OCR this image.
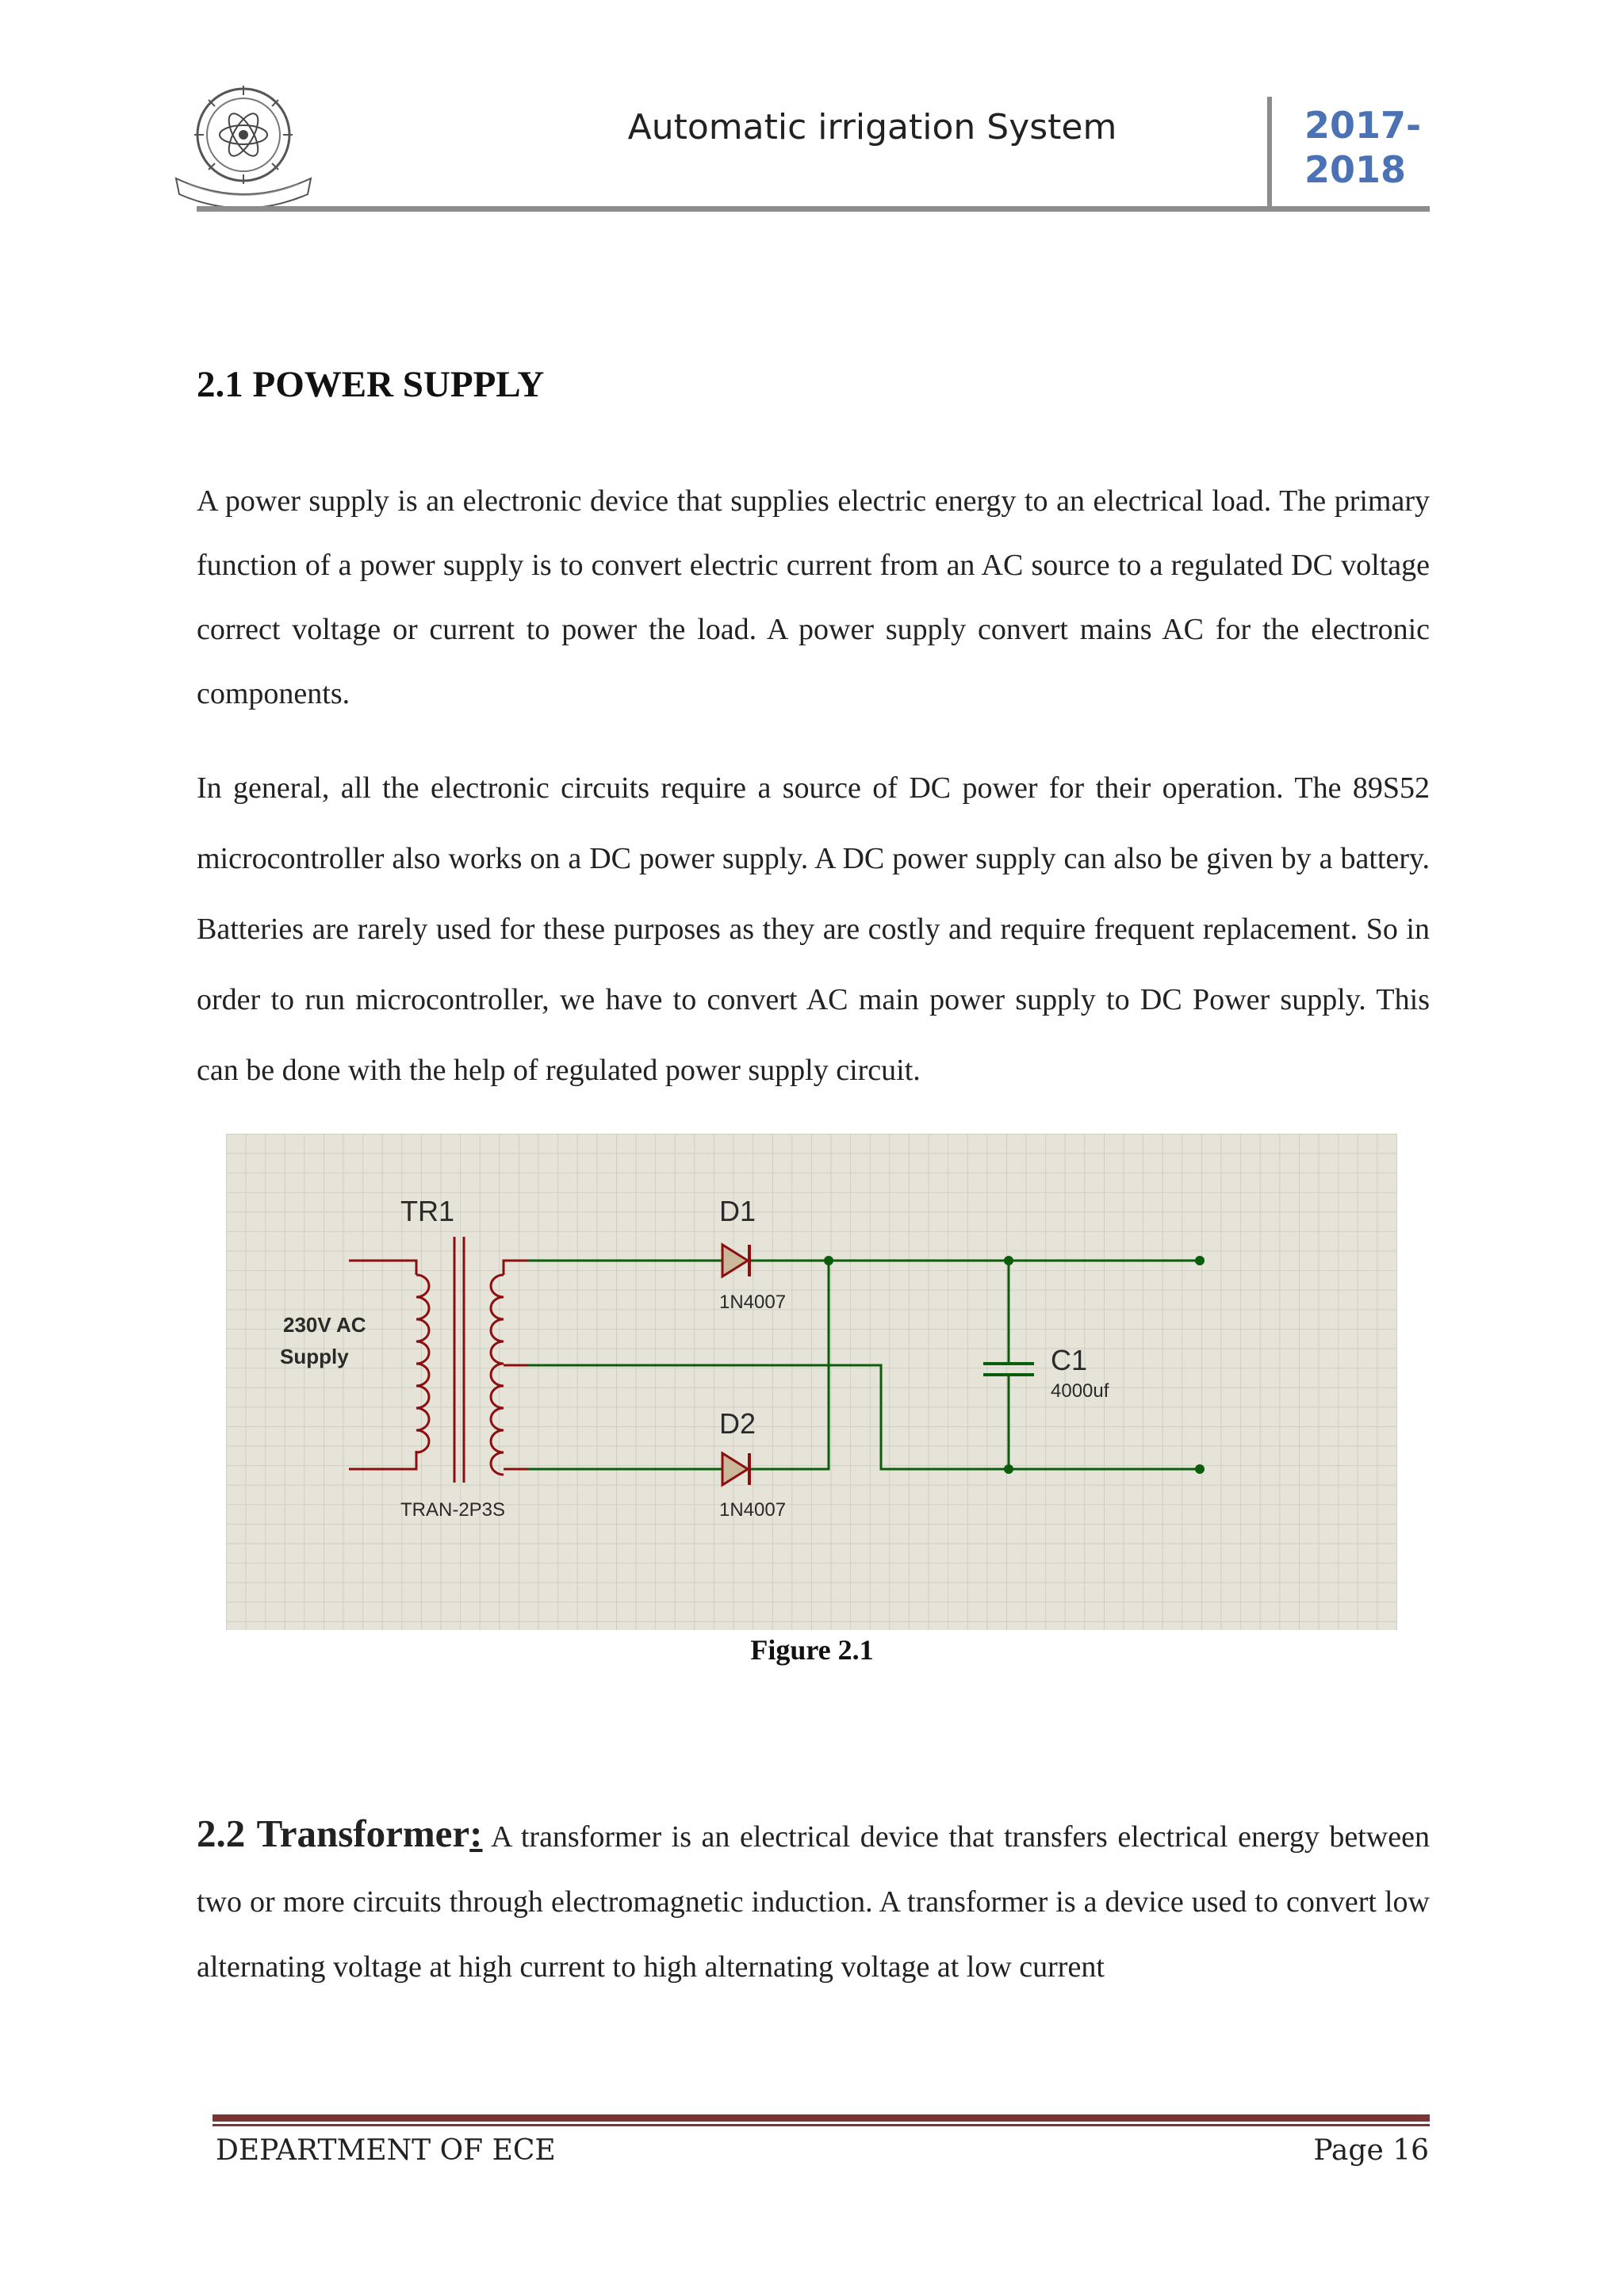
Automatic irrigation System	2017-
2018
2.1 POWER SUPPLY
A power supply is an electronic device that supplies electric energy to an electrical load. The primary function of a power supply is to convert electric current from an AC source to a regulated DC voltage correct voltage or current to power the load. A power supply convert mains AC for the electronic components.
In general, all the electronic circuits require a source of DC power for their operation. The 89S52 microcontroller also works on a DC power supply. A DC power supply can also be given by a battery. Batteries are rarely used for these purposes as they are costly and require frequent replacement. So in order to run microcontroller, we have to convert AC main power supply to DC Power supply. This can be done with the help of regulated power supply circuit.
TR1
TRAN-2P3S
230V AC
Supply
D1
1N4007
D2
1N4007
C1
4000uf
Figure 2.1
2.2 Transformer: A transformer is an electrical device that transfers electrical energy between two or more circuits through electromagnetic induction. A transformer is a device used to convert low alternating voltage at high current to high alternating voltage at low current
DEPARTMENT OF ECE	Page 16
